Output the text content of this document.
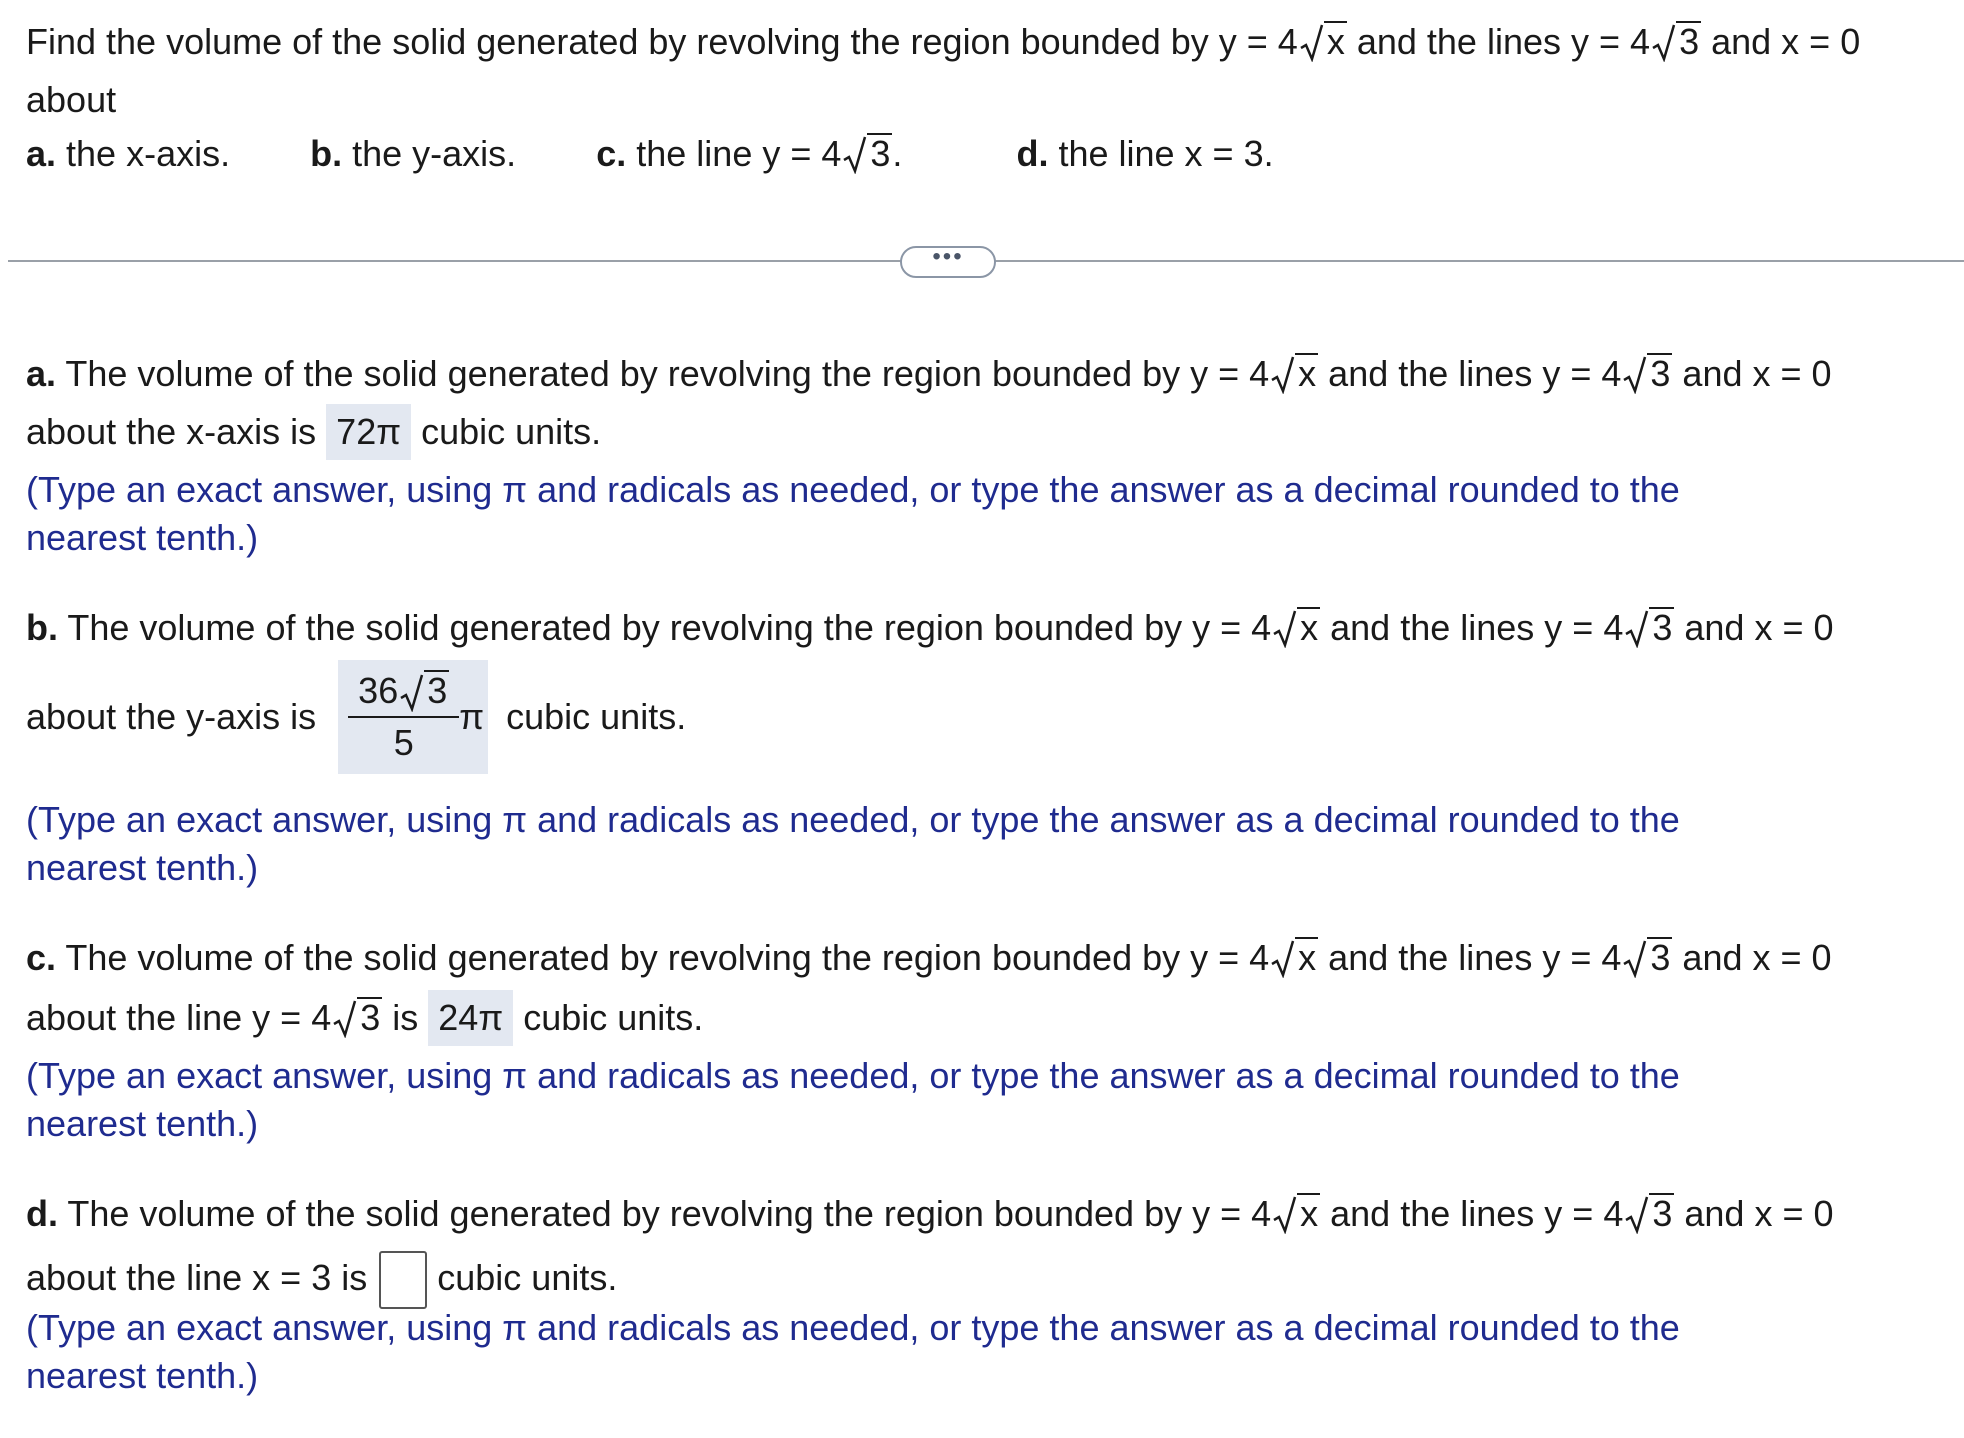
Find the volume of the solid generated by revolving the region bounded by y = 4 x and the lines y = 4 3 and x = 0
about
a. the x-axis. b. the y-axis. c. the line y = 4 3.	d. the line x = 3.
•••
a. The volume of the solid generated by revolving the region bounded by y = 4 x and the lines y = 4 3 and x = 0
about the x-axis is 72π cubic units.
(Type an exact answer, using π and radicals as needed, or type the answer as a decimal rounded to the
nearest tenth.)
b. The volume of the solid generated by revolving the region bounded by y = 4 x and the lines y = 4 3 and x = 0
about the y-axis is $\frac{36 3}{5}$ π cubic units.
(Type an exact answer, using π and radicals as needed, or type the answer as a decimal rounded to the
nearest tenth.)
c. The volume of the solid generated by revolving the region bounded by y = 4 x and the lines y = 4 3 and x = 0
about the line y = 4 3 is 24π cubic units.
(Type an exact answer, using π and radicals as needed, or type the answer as a decimal rounded to the
nearest tenth.)
d. The volume of the solid generated by revolving the region bounded by y = 4 x and the lines y = 4 3 and x = 0
about the line x = 3 is cubic units.
(Type an exact answer, using π and radicals as needed, or type the answer as a decimal rounded to the
nearest tenth.)
